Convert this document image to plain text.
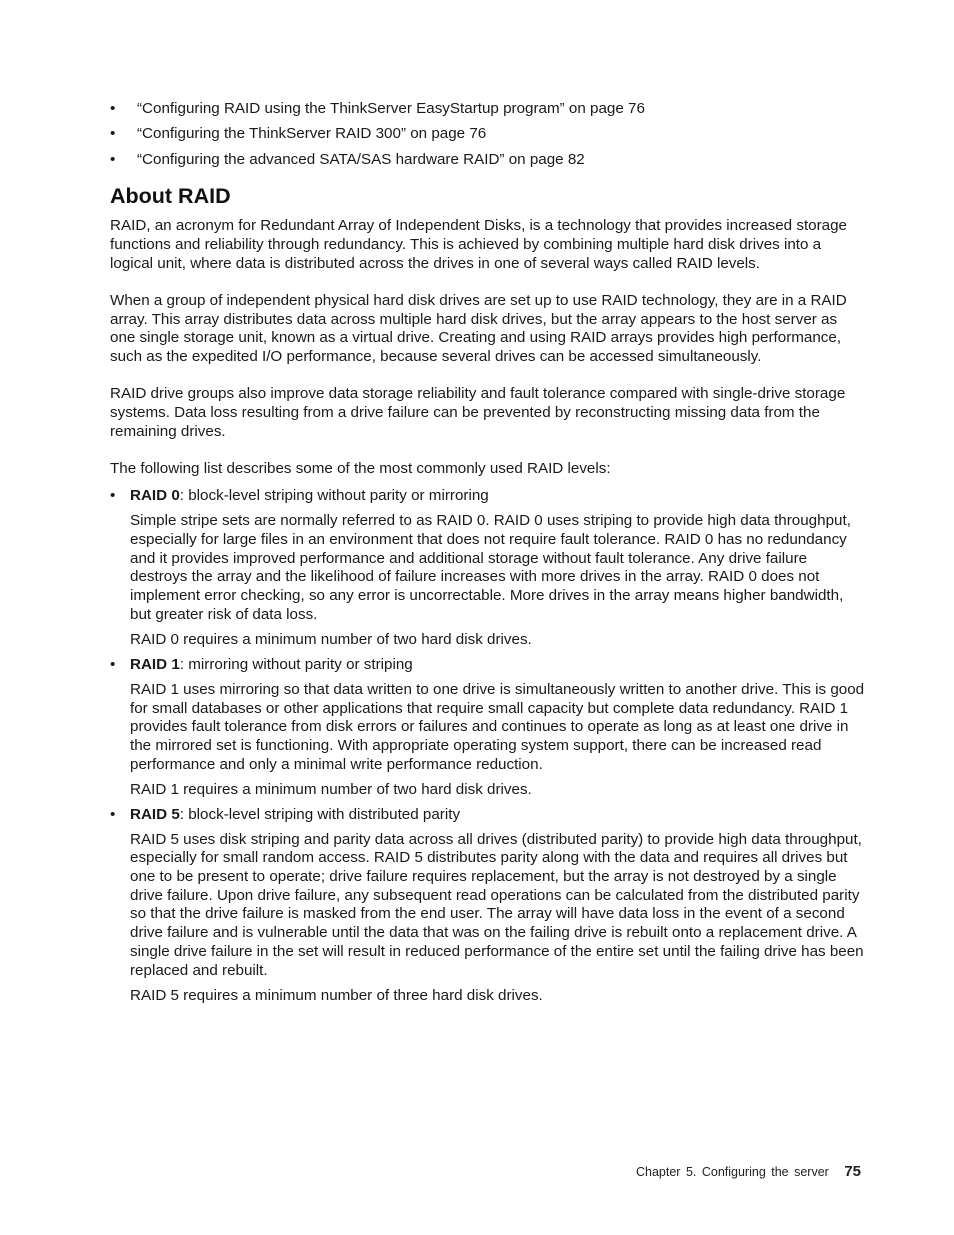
• “Configuring RAID using the ThinkServer EasyStartup program” on page 76
• “Configuring the ThinkServer RAID 300” on page 76
• “Configuring the advanced SATA/SAS hardware RAID” on page 82
About RAID

RAID, an acronym for Redundant Array of Independent Disks, is a technology that provides increased storage functions and reliability through redundancy. This is achieved by combining multiple hard disk drives into a logical unit, where data is distributed across the drives in one of several ways called RAID levels.

When a group of independent physical hard disk drives are set up to use RAID technology, they are in a RAID array. This array distributes data across multiple hard disk drives, but the array appears to the host server as one single storage unit, known as a virtual drive. Creating and using RAID arrays provides high performance, such as the expedited I/O performance, because several drives can be accessed simultaneously.

RAID drive groups also improve data storage reliability and fault tolerance compared with single-drive storage systems. Data loss resulting from a drive failure can be prevented by reconstructing missing data from the remaining drives.

The following list describes some of the most commonly used RAID levels:

• RAID 0: block-level striping without parity or mirroring
Simple stripe sets are normally referred to as RAID 0. RAID 0 uses striping to provide high data throughput, especially for large files in an environment that does not require fault tolerance. RAID 0 has no redundancy and it provides improved performance and additional storage without fault tolerance. Any drive failure destroys the array and the likelihood of failure increases with more drives in the array. RAID 0 does not implement error checking, so any error is uncorrectable. More drives in the array means higher bandwidth, but greater risk of data loss.
RAID 0 requires a minimum number of two hard disk drives.
• RAID 1: mirroring without parity or striping
RAID 1 uses mirroring so that data written to one drive is simultaneously written to another drive. This is good for small databases or other applications that require small capacity but complete data redundancy. RAID 1 provides fault tolerance from disk errors or failures and continues to operate as long as at least one drive in the mirrored set is functioning. With appropriate operating system support, there can be increased read performance and only a minimal write performance reduction.
RAID 1 requires a minimum number of two hard disk drives.
• RAID 5: block-level striping with distributed parity
RAID 5 uses disk striping and parity data across all drives (distributed parity) to provide high data throughput, especially for small random access. RAID 5 distributes parity along with the data and requires all drives but one to be present to operate; drive failure requires replacement, but the array is not destroyed by a single drive failure. Upon drive failure, any subsequent read operations can be calculated from the distributed parity so that the drive failure is masked from the end user. The array will have data loss in the event of a second drive failure and is vulnerable until the data that was on the failing drive is rebuilt onto a replacement drive. A single drive failure in the set will result in reduced performance of the entire set until the failing drive has been replaced and rebuilt.
RAID 5 requires a minimum number of three hard disk drives.
Chapter 5. Configuring the server 75
